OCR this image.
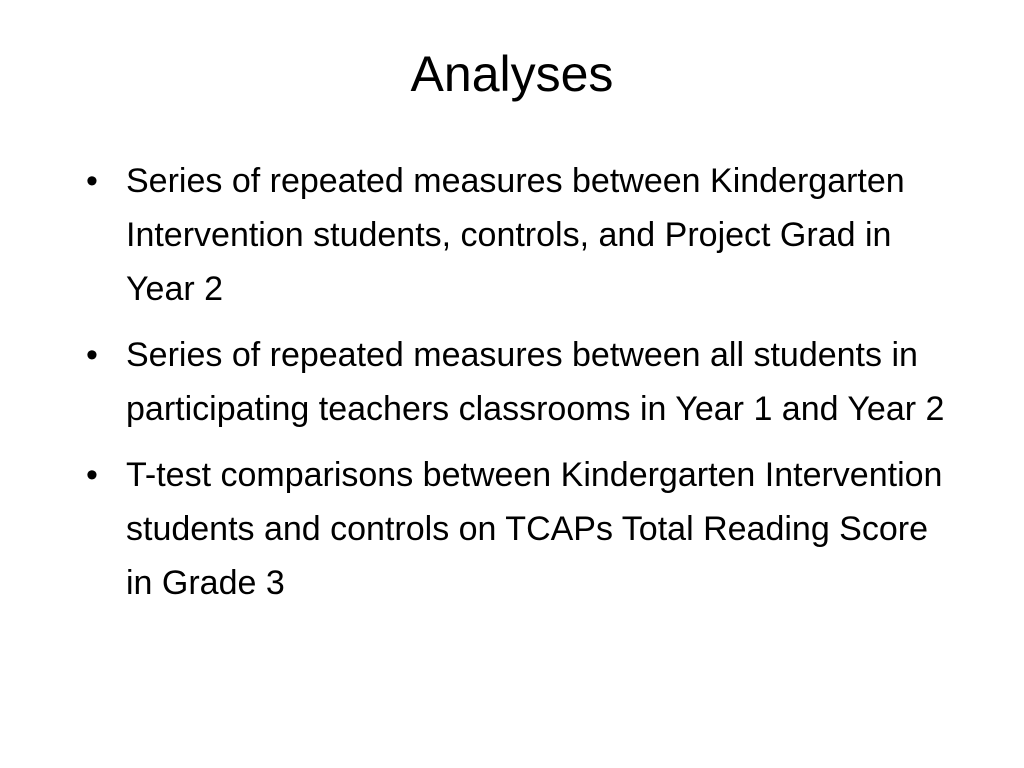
Analyses
• Series of repeated measures between Kindergarten Intervention students, controls, and Project Grad in Year 2
• Series of repeated measures between all students in participating teachers classrooms in Year 1 and Year 2
• T-test comparisons between Kindergarten Intervention students and controls on TCAPs Total Reading Score in Grade 3
